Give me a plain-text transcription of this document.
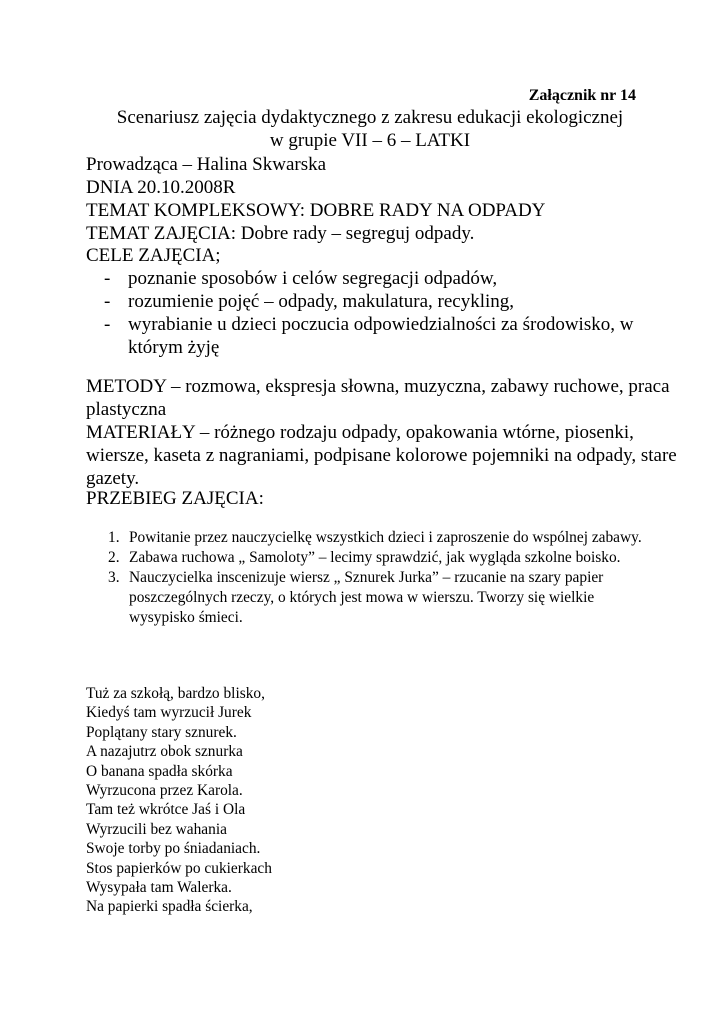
Załącznik nr 14
Scenariusz zajęcia dydaktycznego z zakresu edukacji ekologicznej
w grupie VII – 6 – LATKI
Prowadząca – Halina Skwarska
DNIA 20.10.2008R
TEMAT KOMPLEKSOWY: DOBRE RADY NA ODPADY
TEMAT ZAJĘCIA: Dobre rady – segreguj odpady.
CELE ZAJĘCIA;
- poznanie sposobów i celów segregacji odpadów,
- rozumienie pojęć – odpady, makulatura, recykling,
- wyrabianie u dzieci poczucia odpowiedzialności za środowisko, w którym żyję
METODY – rozmowa, ekspresja słowna, muzyczna, zabawy ruchowe, praca plastyczna
MATERIAŁY – różnego rodzaju odpady, opakowania wtórne, piosenki, wiersze, kaseta z nagraniami, podpisane kolorowe pojemniki na odpady, stare gazety.
PRZEBIEG ZAJĘCIA:
1. Powitanie przez nauczycielkę wszystkich dzieci i zaproszenie do wspólnej zabawy.
2. Zabawa ruchowa „ Samoloty” – lecimy sprawdzić, jak wygląda szkolne boisko.
3. Nauczycielka inscenizuje wiersz „ Sznurek Jurka” – rzucanie na szary papier poszczególnych rzeczy, o których jest mowa w wierszu. Tworzy się wielkie wysypisko śmieci.
Tuż za szkołą, bardzo blisko,
Kiedyś tam wyrzucił Jurek
Poplątany stary sznurek.
A nazajutrz obok sznurka
O banana spadła skórka
Wyrzucona przez Karola.
Tam też wkrótce Jaś i Ola
Wyrzucili bez wahania
Swoje torby po śniadaniach.
Stos papierków po cukierkach
Wysypała tam Walerka.
Na papierki spadła ścierka,
